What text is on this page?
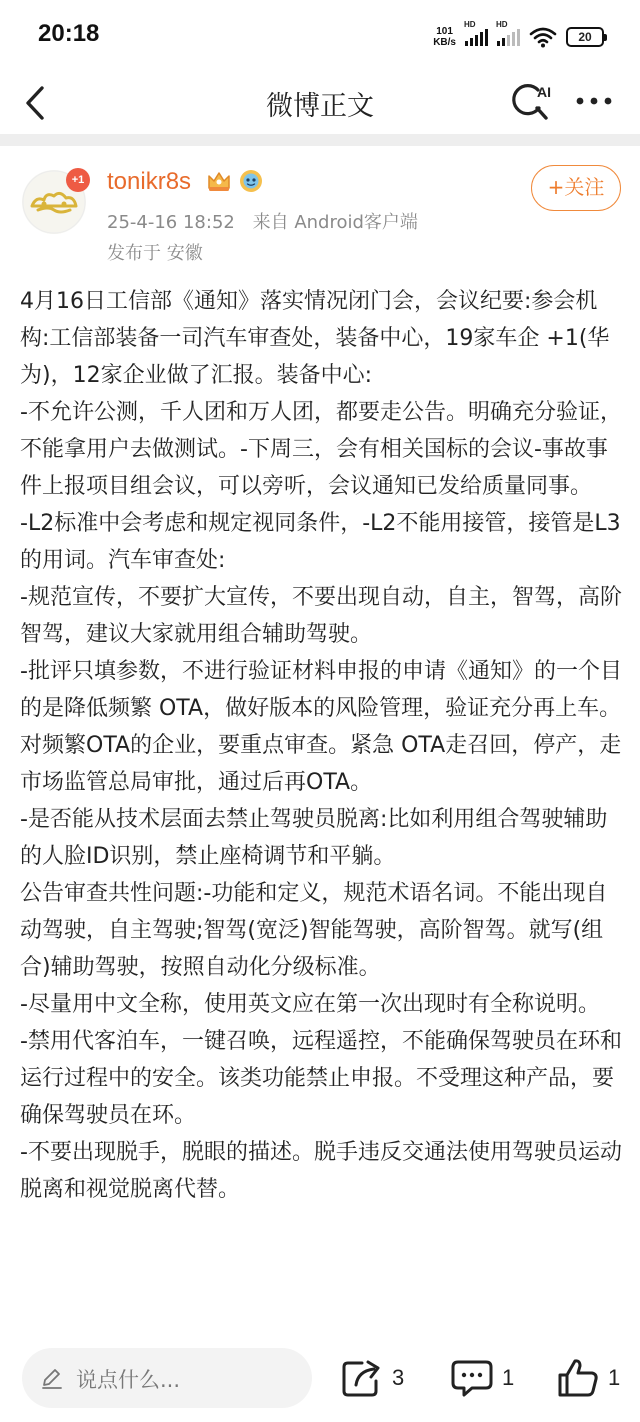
20:18	101
KB/s
HD	HD
20
微博正文	AI
+1 tonikr8s
25-4-16 18:52 来自 Android客户端
发布于 安徽
+关注

4月16日工信部《通知》落实情况闭门会，会议纪要:参会机构:工信部装备一司汽车审查处，装备中心，19家车企 +1(华为)，12家企业做了汇报。装备中心:

-不允许公测，千人团和万人团，都要走公告。明确充分验证，不能拿用户去做测试。-下周三，会有相关国标的会议-事故事件上报项目组会议，可以旁听，会议通知已发给质量同事。

-L2标准中会考虑和规定视同条件，-L2不能用接管，接管是L3的用词。汽车审查处:

-规范宣传，不要扩大宣传，不要出现自动，自主，智驾，高阶智驾，建议大家就用组合辅助驾驶。

-批评只填参数，不进行验证材料申报的申请《通知》的一个目的是降低频繁 OTA，做好版本的风险管理，验证充分再上车。对频繁OTA的企业，要重点审查。紧急 OTA走召回，停产，走市场监管总局审批，通过后再OTA。

-是否能从技术层面去禁止驾驶员脱离:比如利用组合驾驶辅助的人脸ID识别，禁止座椅调节和平躺。

公告审查共性问题:-功能和定义，规范术语名词。不能出现自动驾驶，自主驾驶;智驾(宽泛)智能驾驶，高阶智驾。就写(组合)辅助驾驶，按照自动化分级标准。

-尽量用中文全称，使用英文应在第一次出现时有全称说明。

-禁用代客泊车，一键召唤，远程遥控，不能确保驾驶员在环和运行过程中的安全。该类功能禁止申报。不受理这种产品，要确保驾驶员在环。

-不要出现脱手，脱眼的描述。脱手违反交通法使用驾驶员运动脱离和视觉脱离代替。

说点什么...	3	1	1
